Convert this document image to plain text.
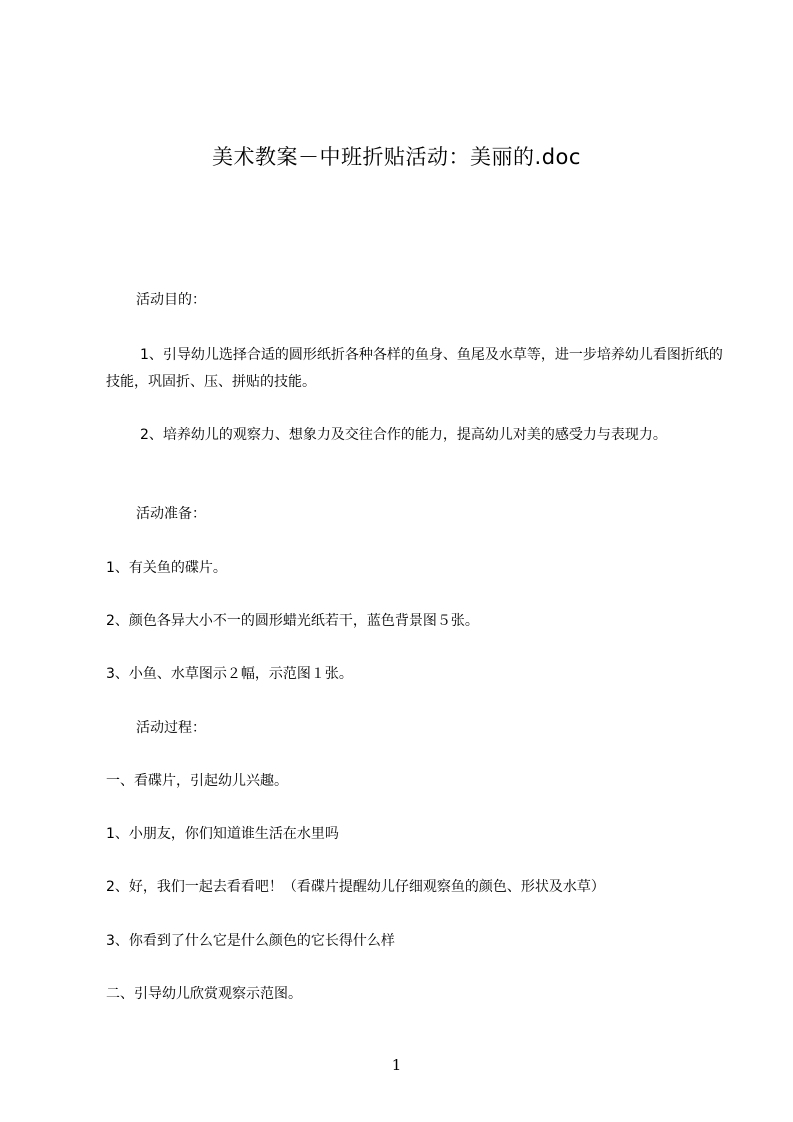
美术教案－中班折贴活动：美丽的.doc
活动目的：
1、引导幼儿选择合适的圆形纸折各种各样的鱼身、鱼尾及水草等，进一步培养幼儿看图折纸的技能，巩固折、压、拼贴的技能。
2、培养幼儿的观察力、想象力及交往合作的能力，提高幼儿对美的感受力与表现力。
活动准备：
1、有关鱼的碟片。
2、颜色各异大小不一的圆形蜡光纸若干，蓝色背景图５张。
3、小鱼、水草图示２幅，示范图１张。
活动过程：
一、看碟片，引起幼儿兴趣。
1、小朋友，你们知道谁生活在水里吗
2、好，我们一起去看看吧！（看碟片提醒幼儿仔细观察鱼的颜色、形状及水草）
3、你看到了什么它是什么颜色的它长得什么样
二、引导幼儿欣赏观察示范图。
1
